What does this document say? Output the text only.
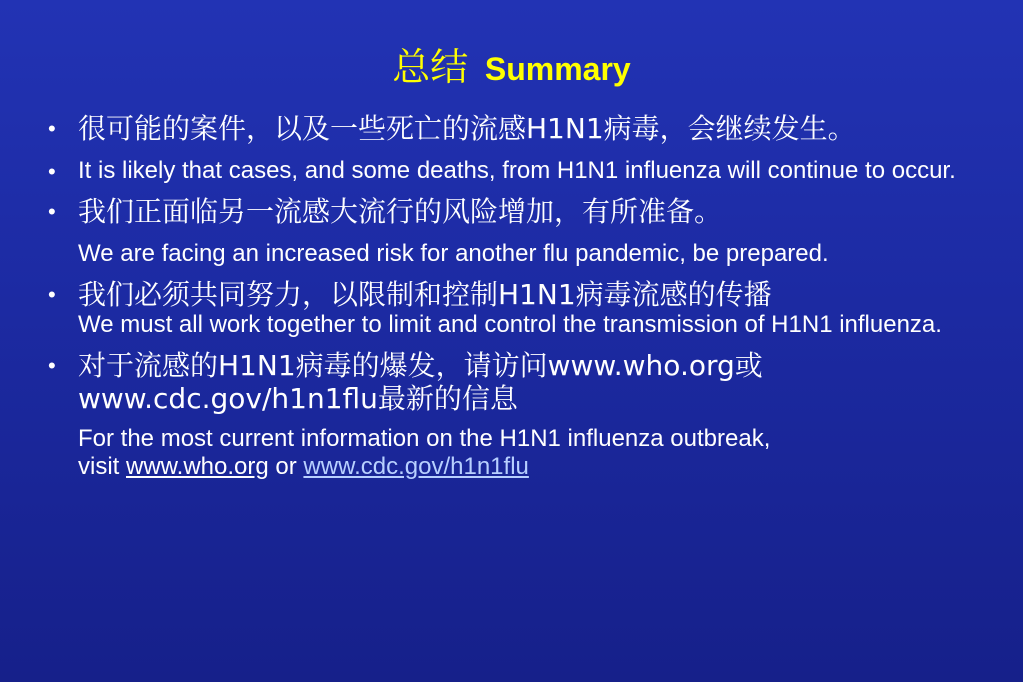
总结 Summary
• 很可能的案件，以及一些死亡的流感H1N1病毒，会继续发生。
• It is likely that cases, and some deaths, from H1N1 influenza will continue to occur.
• 我们正面临另一流感大流行的风险增加，有所准备。
We are facing an increased risk for another flu pandemic, be prepared.
• 我们必须共同努力，以限制和控制H1N1病毒流感的传播
We must all work together to limit and control the transmission of H1N1 influenza.
• 对于流感的H1N1病毒的爆发，请访问www.who.org或
www.cdc.gov/h1n1flu最新的信息
For the most current information on the H1N1 influenza outbreak,
visit www.who.org or www.cdc.gov/h1n1flu
